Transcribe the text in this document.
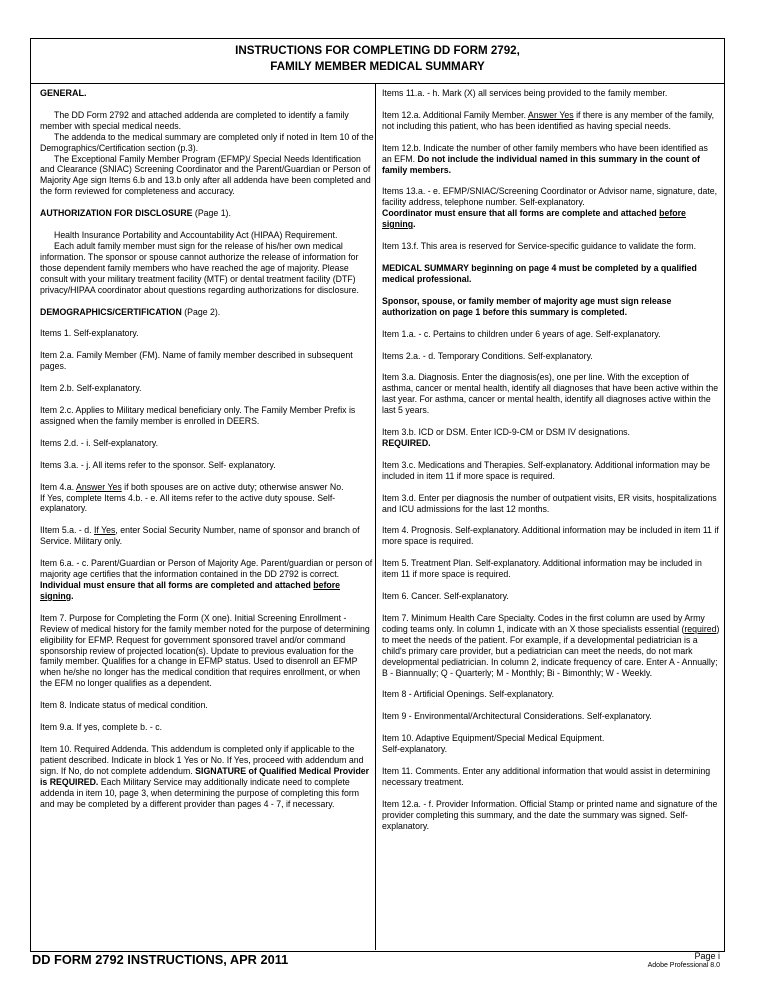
INSTRUCTIONS FOR COMPLETING DD FORM 2792,
FAMILY MEMBER MEDICAL SUMMARY
GENERAL.
The DD Form 2792 and attached addenda are completed to identify a family member with special medical needs.
The addenda to the medical summary are completed only if noted in Item 10 of the Demographics/Certification section (p.3).
The Exceptional Family Member Program (EFMP)/ Special Needs Identification and Clearance (SNIAC) Screening Coordinator and the Parent/Guardian or Person of Majority Age sign Items 6.b and 13.b only after all addenda have been completed and the form reviewed for completeness and accuracy.
AUTHORIZATION FOR DISCLOSURE (Page 1).
Health Insurance Portability and Accountability Act (HIPAA) Requirement.
Each adult family member must sign for the release of his/her own medical information. The sponsor or spouse cannot authorize the release of information for those dependent family members who have reached the age of majority. Please consult with your military treatment facility (MTF) or dental treatment facility (DTF) privacy/HIPAA coordinator about questions regarding authorizations for disclosure.
DEMOGRAPHICS/CERTIFICATION (Page 2).
Items 1. Self-explanatory.
Item 2.a. Family Member (FM). Name of family member described in subsequent pages.
Item 2.b. Self-explanatory.
Item 2.c. Applies to Military medical beneficiary only. The Family Member Prefix is assigned when the family member is enrolled in DEERS.
Items 2.d. - i. Self-explanatory.
Items 3.a. - j. All items refer to the sponsor. Self- explanatory.
Item 4.a. Answer Yes if both spouses are on active duty; otherwise answer No.
If Yes, complete Items 4.b. - e. All items refer to the active duty spouse. Self-explanatory.
IItem 5.a. - d. If Yes, enter Social Security Number, name of sponsor and branch of Service. Military only.
Item 6.a. - c. Parent/Guardian or Person of Majority Age. Parent/guardian or person of majority age certifies that the information contained in the DD 2792 is correct. Individual must ensure that all forms are completed and attached before signing.
Item 7. Purpose for Completing the Form (X one). Initial Screening Enrollment - Review of medical history for the family member noted for the purpose of determining eligibility for EFMP. Request for government sponsored travel and/or command sponsorship review of projected location(s). Update to previous evaluation for the family member. Qualifies for a change in EFMP status. Used to disenroll an EFMP when he/she no longer has the medical condition that requires enrollment, or when the EFM no longer qualifies as a dependent.
Item 8. Indicate status of medical condition.
Item 9.a. If yes, complete b. - c.
Item 10. Required Addenda. This addendum is completed only if applicable to the patient described. Indicate in block 1 Yes or No. If Yes, proceed with addendum and sign. If No, do not complete addendum. SIGNATURE of Qualified Medical Provider is REQUIRED. Each Military Service may additionally indicate need to complete addenda in item 10, page 3, when determining the purpose of completing this form and may be completed by a different provider than pages 4 - 7, if necessary.
Items 11.a. - h. Mark (X) all services being provided to the family member.
Item 12.a. Additional Family Member. Answer Yes if there is any member of the family, not including this patient, who has been identified as having special needs.
Item 12.b. Indicate the number of other family members who have been identified as an EFM. Do not include the individual named in this summary in the count of family members.
Items 13.a. - e. EFMP/SNIAC/Screening Coordinator or Advisor name, signature, date, facility address, telephone number. Self-explanatory.
Coordinator must ensure that all forms are complete and attached before signing.
Item 13.f. This area is reserved for Service-specific guidance to validate the form.
MEDICAL SUMMARY beginning on page 4 must be completed by a qualified medical professional.
Sponsor, spouse, or family member of majority age must sign release authorization on page 1 before this summary is completed.
Item 1.a. - c. Pertains to children under 6 years of age. Self-explanatory.
Items 2.a. - d. Temporary Conditions. Self-explanatory.
Item 3.a. Diagnosis. Enter the diagnosis(es), one per line. With the exception of asthma, cancer or mental health, identify all diagnoses that have been active within the last year. For asthma, cancer or mental health, identify all diagnoses active within the last 5 years.
Item 3.b. ICD or DSM. Enter ICD-9-CM or DSM IV designations.
REQUIRED.
Item 3.c. Medications and Therapies. Self-explanatory. Additional information may be included in item 11 if more space is required.
Item 3.d. Enter per diagnosis the number of outpatient visits, ER visits, hospitalizations and ICU admissions for the last 12 months.
Item 4. Prognosis. Self-explanatory. Additional information may be included in item 11 if more space is required.
Item 5. Treatment Plan. Self-explanatory. Additional information may be included in item 11 if more space is required.
Item 6. Cancer. Self-explanatory.
Item 7. Minimum Health Care Specialty. Codes in the first column are used by Army coding teams only. In column 1, indicate with an X those specialists essential (required) to meet the needs of the patient. For example, if a developmental pediatrician is a child's primary care provider, but a pediatrician can meet the needs, do not mark developmental pediatrician. In column 2, indicate frequency of care. Enter A - Annually; B - Biannually; Q - Quarterly; M - Monthly; Bi - Bimonthly; W - Weekly.
Item 8 - Artificial Openings. Self-explanatory.
Item 9 - Environmental/Architectural Considerations. Self-explanatory.
Item 10. Adaptive Equipment/Special Medical Equipment.
Self-explanatory.
Item 11. Comments. Enter any additional information that would assist in determining necessary treatment.
Item 12.a. - f. Provider Information. Official Stamp or printed name and signature of the provider completing this summary, and the date the summary was signed. Self-explanatory.
DD FORM 2792 INSTRUCTIONS, APR 2011	Page i
Adobe Professional 8.0
